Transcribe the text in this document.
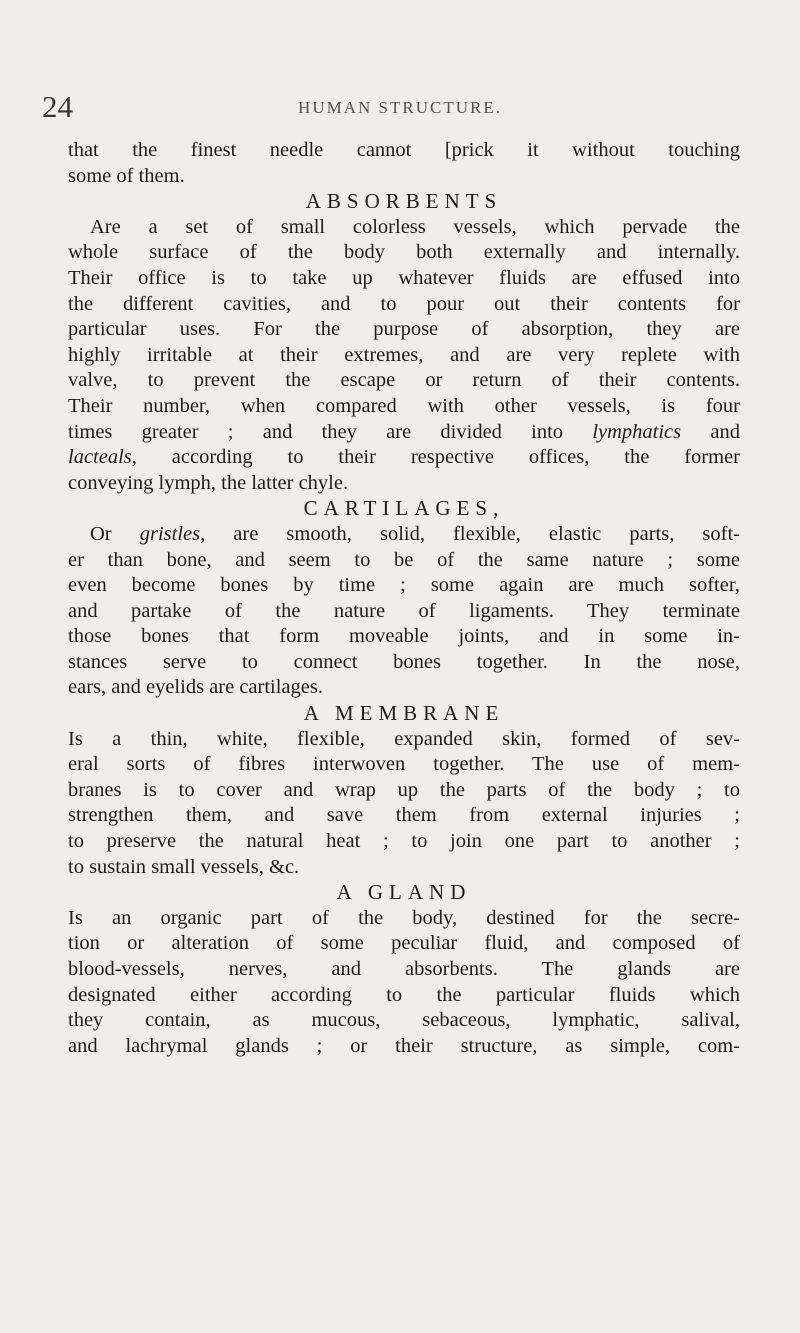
24	HUMAN STRUCTURE.
that the finest needle cannot [prick it without touching
some of them.
ABSORBENTS
Are a set of small colorless vessels, which pervade the
whole surface of the body both externally and internally.
Their office is to take up whatever fluids are effused into
the different cavities, and to pour out their contents for
particular uses. For the purpose of absorption, they are
highly irritable at their extremes, and are very replete with
valve, to prevent the escape or return of their contents.
Their number, when compared with other vessels, is four
times greater ; and they are divided into lymphatics and
lacteals, according to their respective offices, the former
conveying lymph, the latter chyle.
CARTILAGES,
Or gristles, are smooth, solid, flexible, elastic parts, soft-
er than bone, and seem to be of the same nature ; some
even become bones by time ; some again are much softer,
and partake of the nature of ligaments. They terminate
those bones that form moveable joints, and in some in-
stances serve to connect bones together. In the nose,
ears, and eyelids are cartilages.
A MEMBRANE
Is a thin, white, flexible, expanded skin, formed of sev-
eral sorts of fibres interwoven together. The use of mem-
branes is to cover and wrap up the parts of the body ; to
strengthen them, and save them from external injuries ;
to preserve the natural heat ; to join one part to another ;
to sustain small vessels, &c.
A GLAND
Is an organic part of the body, destined for the secre-
tion or alteration of some peculiar fluid, and composed of
blood-vessels, nerves, and absorbents. The glands are
designated either according to the particular fluids which
they contain, as mucous, sebaceous, lymphatic, salival,
and lachrymal glands ; or their structure, as simple, com-
